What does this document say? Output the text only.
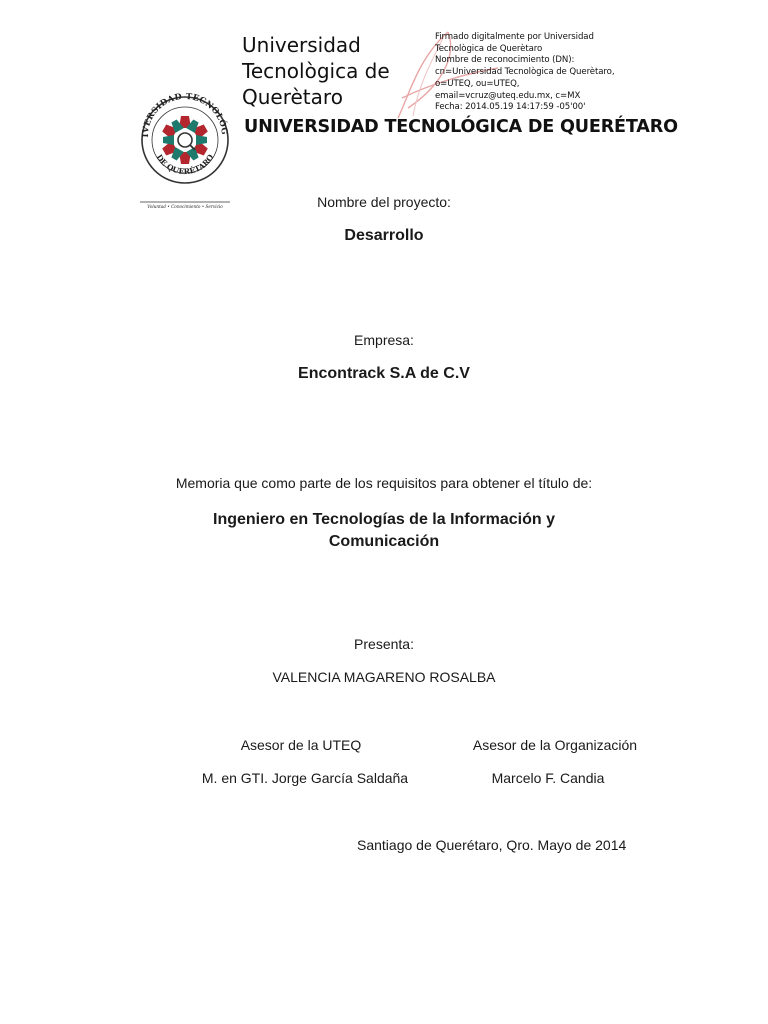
IVERSIDAD TECNOLÓG
DE QUERÉTARO
Voluntad • Conocimiento • Servicio
Universidad
Tecnològica de
Querètaro
Firmado digitalmente por Universidad
Tecnològica de Querètaro
Nombre de reconocimiento (DN):
cn=Universidad Tecnològica de Querètaro,
o=UTEQ, ou=UTEQ,
email=vcruz@uteq.edu.mx, c=MX
Fecha: 2014.05.19 14:17:59 -05'00'
UNIVERSIDAD TECNOLÓGICA DE QUERÉTARO
Nombre del proyecto:
Desarrollo
Empresa:
Encontrack S.A de C.V
Memoria que como parte de los requisitos para obtener el título de:
Ingeniero en Tecnologías de la Información y
Comunicación
Presenta:
VALENCIA MAGARENO ROSALBA
Asesor de la UTEQ
M. en GTI. Jorge García Saldaña
Asesor de la Organización
Marcelo F. Candia
Santiago de Querétaro, Qro. Mayo de 2014
